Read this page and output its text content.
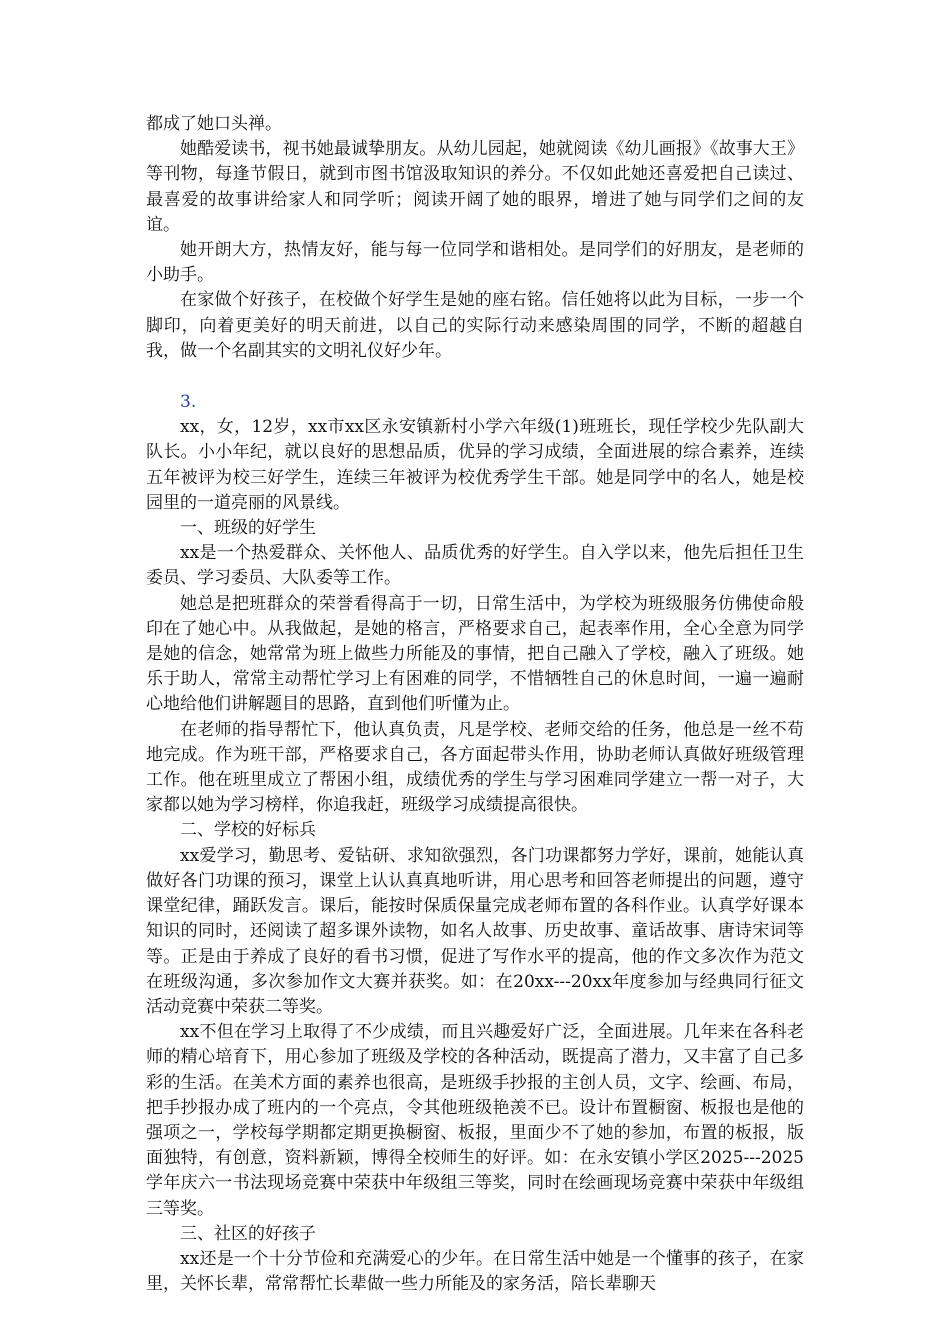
都成了她口头禅。

她酷爱读书，视书她最诚挚朋友。从幼儿园起，她就阅读《幼儿画报》《故事大王》等刊物，每逢节假日，就到市图书馆汲取知识的养分。不仅如此她还喜爱把自己读过、最喜爱的故事讲给家人和同学听；阅读开阔了她的眼界，增进了她与同学们之间的友谊。

她开朗大方，热情友好，能与每一位同学和谐相处。是同学们的好朋友，是老师的小助手。

在家做个好孩子，在校做个好学生是她的座右铭。信任她将以此为目标，一步一个脚印，向着更美好的明天前进，以自己的实际行动来感染周围的同学，不断的超越自我，做一个名副其实的文明礼仪好少年。

3.

xx，女，12岁，xx市xx区永安镇新村小学六年级(1)班班长，现任学校少先队副大队长。小小年纪，就以良好的思想品质，优异的学习成绩，全面进展的综合素养，连续五年被评为校三好学生，连续三年被评为校优秀学生干部。她是同学中的名人，她是校园里的一道亮丽的风景线。

一、班级的好学生

xx是一个热爱群众、关怀他人、品质优秀的好学生。自入学以来，他先后担任卫生委员、学习委员、大队委等工作。

她总是把班群众的荣誉看得高于一切，日常生活中，为学校为班级服务仿佛使命般印在了她心中。从我做起，是她的格言，严格要求自己，起表率作用，全心全意为同学是她的信念，她常常为班上做些力所能及的事情，把自己融入了学校，融入了班级。她乐于助人，常常主动帮忙学习上有困难的同学，不惜牺牲自己的休息时间，一遍一遍耐心地给他们讲解题目的思路，直到他们听懂为止。

在老师的指导帮忙下，他认真负责，凡是学校、老师交给的任务，他总是一丝不苟地完成。作为班干部，严格要求自己，各方面起带头作用，协助老师认真做好班级管理工作。他在班里成立了帮困小组，成绩优秀的学生与学习困难同学建立一帮一对子，大家都以她为学习榜样，你追我赶，班级学习成绩提高很快。

二、学校的好标兵

xx爱学习，勤思考、爱钻研、求知欲强烈，各门功课都努力学好，课前，她能认真做好各门功课的预习，课堂上认认真真地听讲，用心思考和回答老师提出的问题，遵守课堂纪律，踊跃发言。课后，能按时保质保量完成老师布置的各科作业。认真学好课本知识的同时，还阅读了超多课外读物，如名人故事、历史故事、童话故事、唐诗宋词等等。正是由于养成了良好的看书习惯，促进了写作水平的提高，他的作文多次作为范文在班级沟通，多次参加作文大赛并获奖。如：在20xx---20xx年度参加与经典同行征文活动竞赛中荣获二等奖。

xx不但在学习上取得了不少成绩，而且兴趣爱好广泛，全面进展。几年来在各科老师的精心培育下，用心参加了班级及学校的各种活动，既提高了潜力，又丰富了自己多彩的生活。在美术方面的素养也很高，是班级手抄报的主创人员，文字、绘画、布局，把手抄报办成了班内的一个亮点，令其他班级艳羡不已。设计布置橱窗、板报也是他的强项之一，学校每学期都定期更换橱窗、板报，里面少不了她的参加，布置的板报，版面独特，有创意，资料新颖，博得全校师生的好评。如：在永安镇小学区2025---2025学年庆六一书法现场竞赛中荣获中年级组三等奖，同时在绘画现场竞赛中荣获中年级组三等奖。

三、社区的好孩子

xx还是一个十分节俭和充满爱心的少年。在日常生活中她是一个懂事的孩子，在家里，关怀长辈，常常帮忙长辈做一些力所能及的家务活，陪长辈聊天
